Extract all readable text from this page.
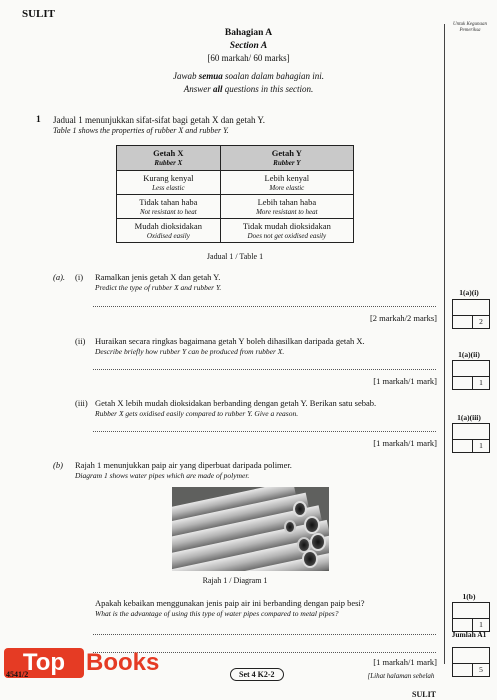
SULIT
Untuk Kegunaan Pemeriksa
Bahagian A
Section A
[60 markah/ 60 marks]
Jawab semua soalan dalam bahagian ini.
Answer all questions in this section.
1 Jadual 1 menunjukkan sifat-sifat bagi getah X dan getah Y.
Table 1 shows the properties of rubber X and rubber Y.
Getah X
Rubber X	Getah Y
Rubber Y

Kurang kenyal
Less elastic	Lebih kenyal
More elastic

Tidak tahan haba
Not resistant to heat	Lebih tahan haba
More resistant to heat

Mudah dioksidakan
Oxidised easily	Tidak mudah dioksidakan
Does not get oxidised easily
Jadual 1 / Table 1
(a). (i) Ramalkan jenis getah X dan getah Y.
Predict the type of rubber X and rubber Y.
[2 markah/2 marks]
1(a)(i)
2
(ii) Huraikan secara ringkas bagaimana getah Y boleh dihasilkan daripada getah X.
Describe briefly how rubber Y can be produced from rubber X.
[1 markah/1 mark]
1(a)(ii)
1
(iii) Getah X lebih mudah dioksidakan berbanding dengan getah Y. Berikan satu sebab.
Rubber X gets oxidised easily compared to rubber Y. Give a reason.
[1 markah/1 mark]
1(a)(iii)
1
(b) Rajah 1 menunjukkan paip air yang diperbuat daripada polimer.
Diagram 1 shows water pipes which are made of polymer.
Rajah 1 / Diagram 1
Apakah kebaikan menggunakan jenis paip air ini berbanding dengan paip besi?
What is the advantage of using this type of water pipes compared to metal pipes?
[1 markah/1 mark]
1(b)
1
Jumlah A1
5
Top Books
4541/2	Set 4 K2-2	[Lihat halaman sebelah
SULIT
